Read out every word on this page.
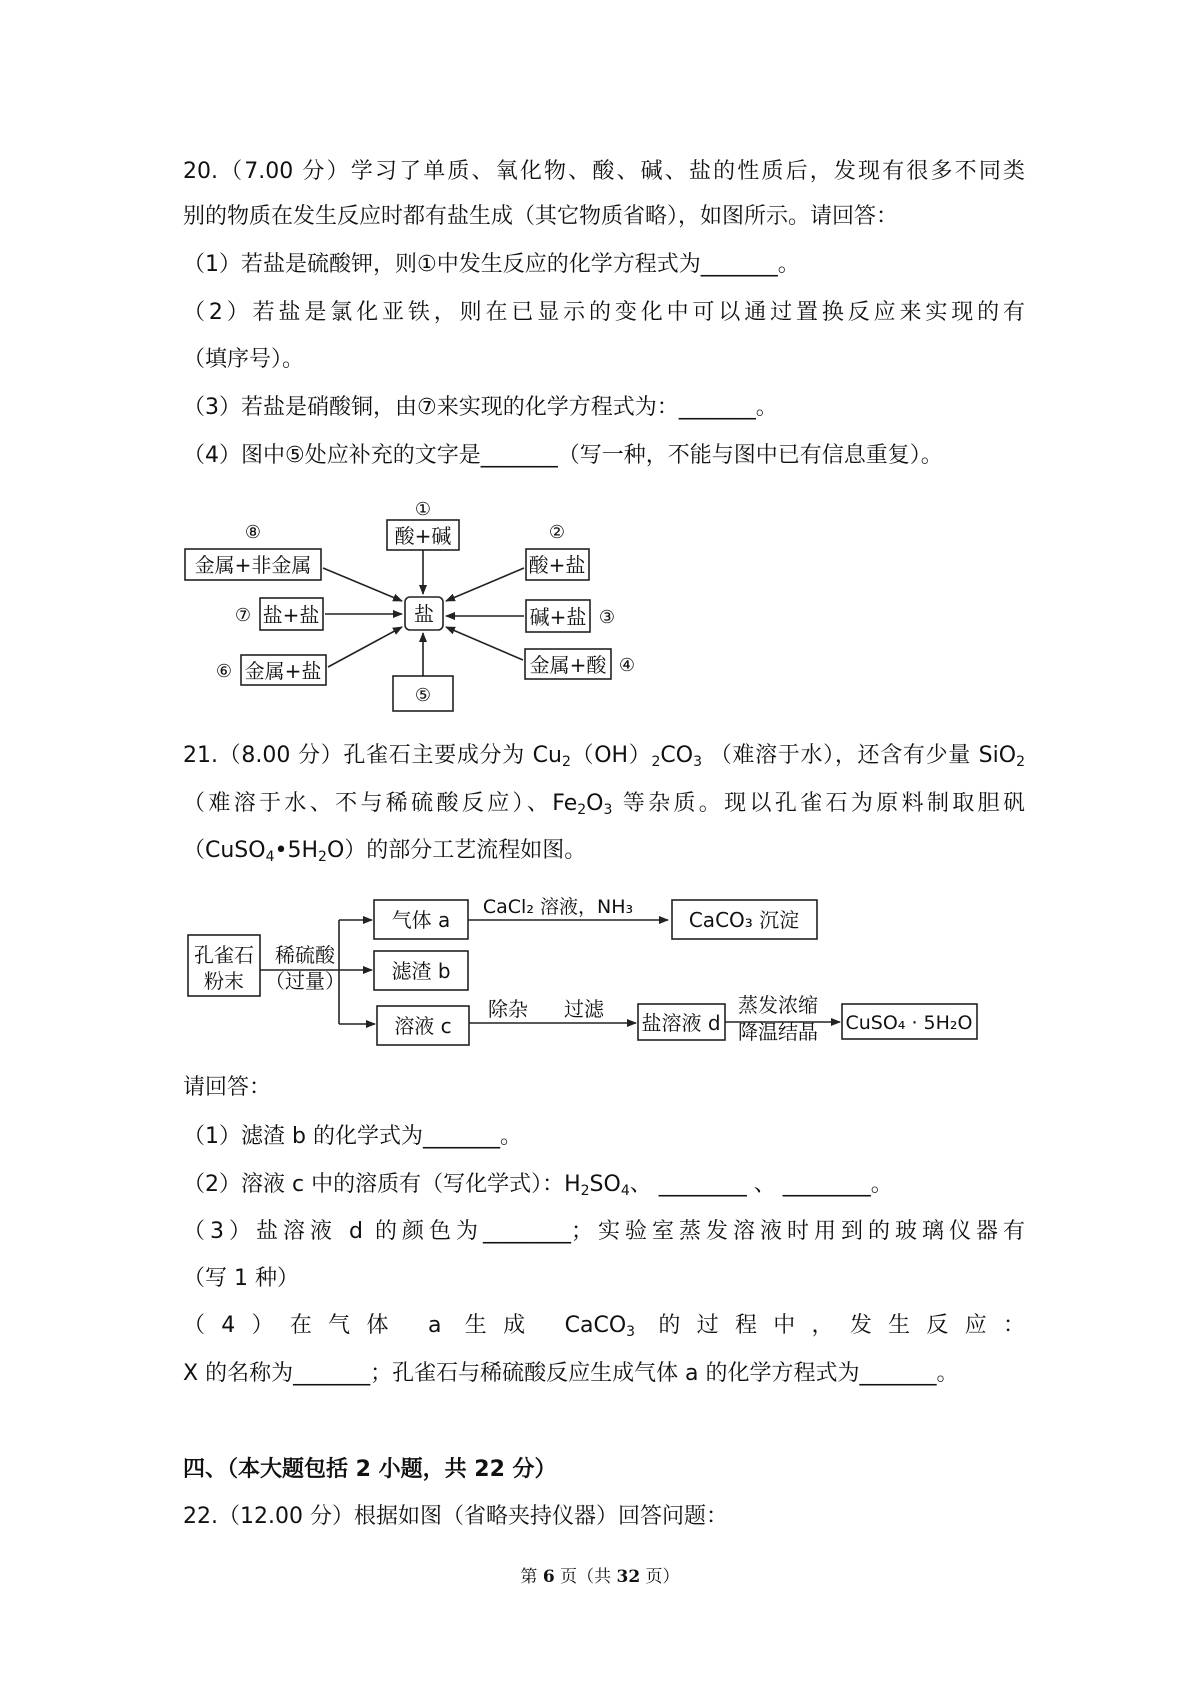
20.（7.00 分）学习了单质、氧化物、酸、碱、盐的性质后，发现有很多不同类
别的物质在发生反应时都有盐生成（其它物质省略），如图所示。请回答：
（1）若盐是硫酸钾，则①中发生反应的化学方程式为_______。
（2）若盐是氯化亚铁，则在已显示的变化中可以通过置换反应来实现的有
（填序号）。
（3）若盐是硝酸铜，由⑦来实现的化学方程式为：_______。
（4）图中⑤处应补充的文字是_______（写一种，不能与图中已有信息重复）。
21.（8.00 分）孔雀石主要成分为 $Cu_2(OH)_2CO_3$ （难溶于水），还含有少量 SiO$_2$
（难溶于水、不与稀硫酸反应）、$Fe_2O_3$ 等杂质。现以孔雀石为原料制取胆矾
$(CuSO_4•5H_2O)$的部分工艺流程如图。
请回答：
（1）滤渣 b 的化学式为_______。
（2）溶液 c 中的溶质有（写化学式）：$H_2SO_4$、 ________ 、 ________。
（3）盐溶液 d 的颜色为________；实验室蒸发溶液时用到的玻璃仪器有
（写 1 种）
（4）在气体 a 生成 CaCO$_3$ 的过程中，发生反应：
X 的名称为_______；孔雀石与稀硫酸反应生成气体 a 的化学方程式为_______。
四、（本大题包括 2 小题，共 22 分）
22.（12.00 分）根据如图（省略夹持仪器）回答问题：
盐
①
酸+碱
⑧
金属+非金属
②
酸+盐
⑦ 盐+盐	碱+盐 ③
⑥ 金属+盐	金属+酸 ④
⑤
孔雀石
粉末
稀硫酸
（过量）
气体 a
CaCl₂ 溶液，NH₃
CaCO₃ 沉淀
滤渣 b
溶液 c
除杂 过滤
盐溶液 d
蒸发浓缩
降温结晶 CuSO₄ · 5H₂O
第 6 页（共 32 页）
